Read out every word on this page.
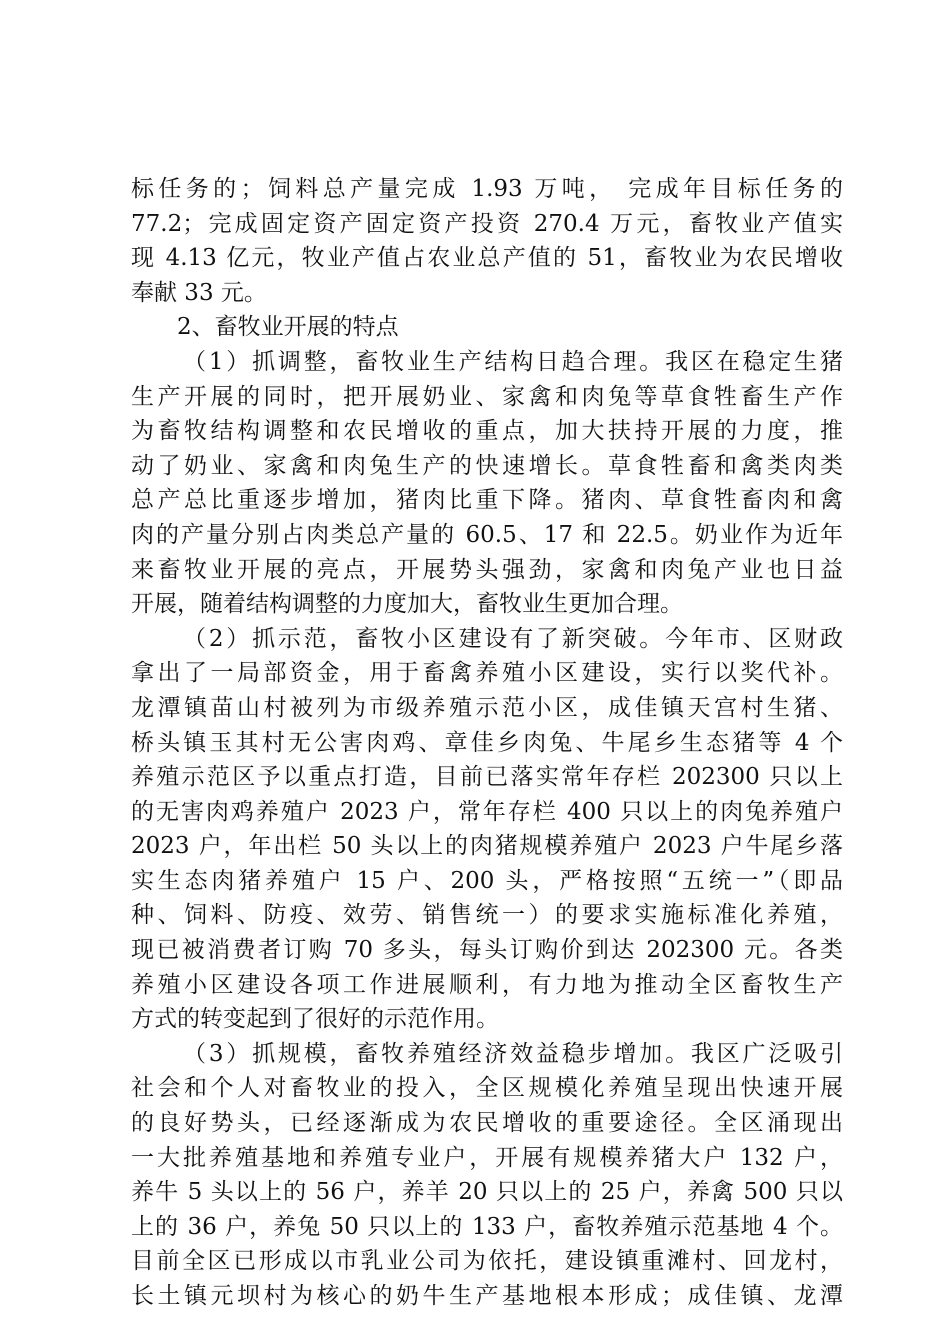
标任务的；饲料总产量完成 1.93 万吨， 完成年目标任务的
77.2；完成固定资产固定资产投资 270.4 万元，畜牧业产值实
现 4.13 亿元，牧业产值占农业总产值的 51，畜牧业为农民增收
奉献 33 元。
2、畜牧业开展的特点
（1）抓调整，畜牧业生产结构日趋合理。我区在稳定生猪
生产开展的同时，把开展奶业、家禽和肉兔等草食牲畜生产作
为畜牧结构调整和农民增收的重点，加大扶持开展的力度，推
动了奶业、家禽和肉兔生产的快速增长。草食牲畜和禽类肉类
总产总比重逐步增加，猪肉比重下降。猪肉、草食牲畜肉和禽
肉的产量分别占肉类总产量的 60.5、17 和 22.5。奶业作为近年
来畜牧业开展的亮点，开展势头强劲，家禽和肉兔产业也日益
开展，随着结构调整的力度加大，畜牧业生更加合理。
（2）抓示范，畜牧小区建设有了新突破。今年市、区财政
拿出了一局部资金，用于畜禽养殖小区建设，实行以奖代补。
龙潭镇苗山村被列为市级养殖示范小区，成佳镇天宫村生猪、
桥头镇玉其村无公害肉鸡、章佳乡肉兔、牛尾乡生态猪等 4 个
养殖示范区予以重点打造，目前已落实常年存栏 202300 只以上
的无害肉鸡养殖户 2023 户，常年存栏 400 只以上的肉兔养殖户
2023 户，年出栏 50 头以上的肉猪规模养殖户 2023 户牛尾乡落
实生态肉猪养殖户 15 户、200 头，严格按照“五统一”（即品
种、饲料、防疫、效劳、销售统一）的要求实施标准化养殖，
现已被消费者订购 70 多头，每头订购价到达 202300 元。各类
养殖小区建设各项工作进展顺利，有力地为推动全区畜牧生产
方式的转变起到了很好的示范作用。
（3）抓规模，畜牧养殖经济效益稳步增加。我区广泛吸引
社会和个人对畜牧业的投入，全区规模化养殖呈现出快速开展
的良好势头，已经逐渐成为农民增收的重要途径。全区涌现出
一大批养殖基地和养殖专业户，开展有规模养猪大户 132 户，
养牛 5 头以上的 56 户，养羊 20 只以上的 25 户，养禽 500 只以
上的 36 户，养兔 50 只以上的 133 户，畜牧养殖示范基地 4 个。
目前全区已形成以市乳业公司为依托，建设镇重滩村、回龙村，
长土镇元坝村为核心的奶牛生产基地根本形成；成佳镇、龙潭
